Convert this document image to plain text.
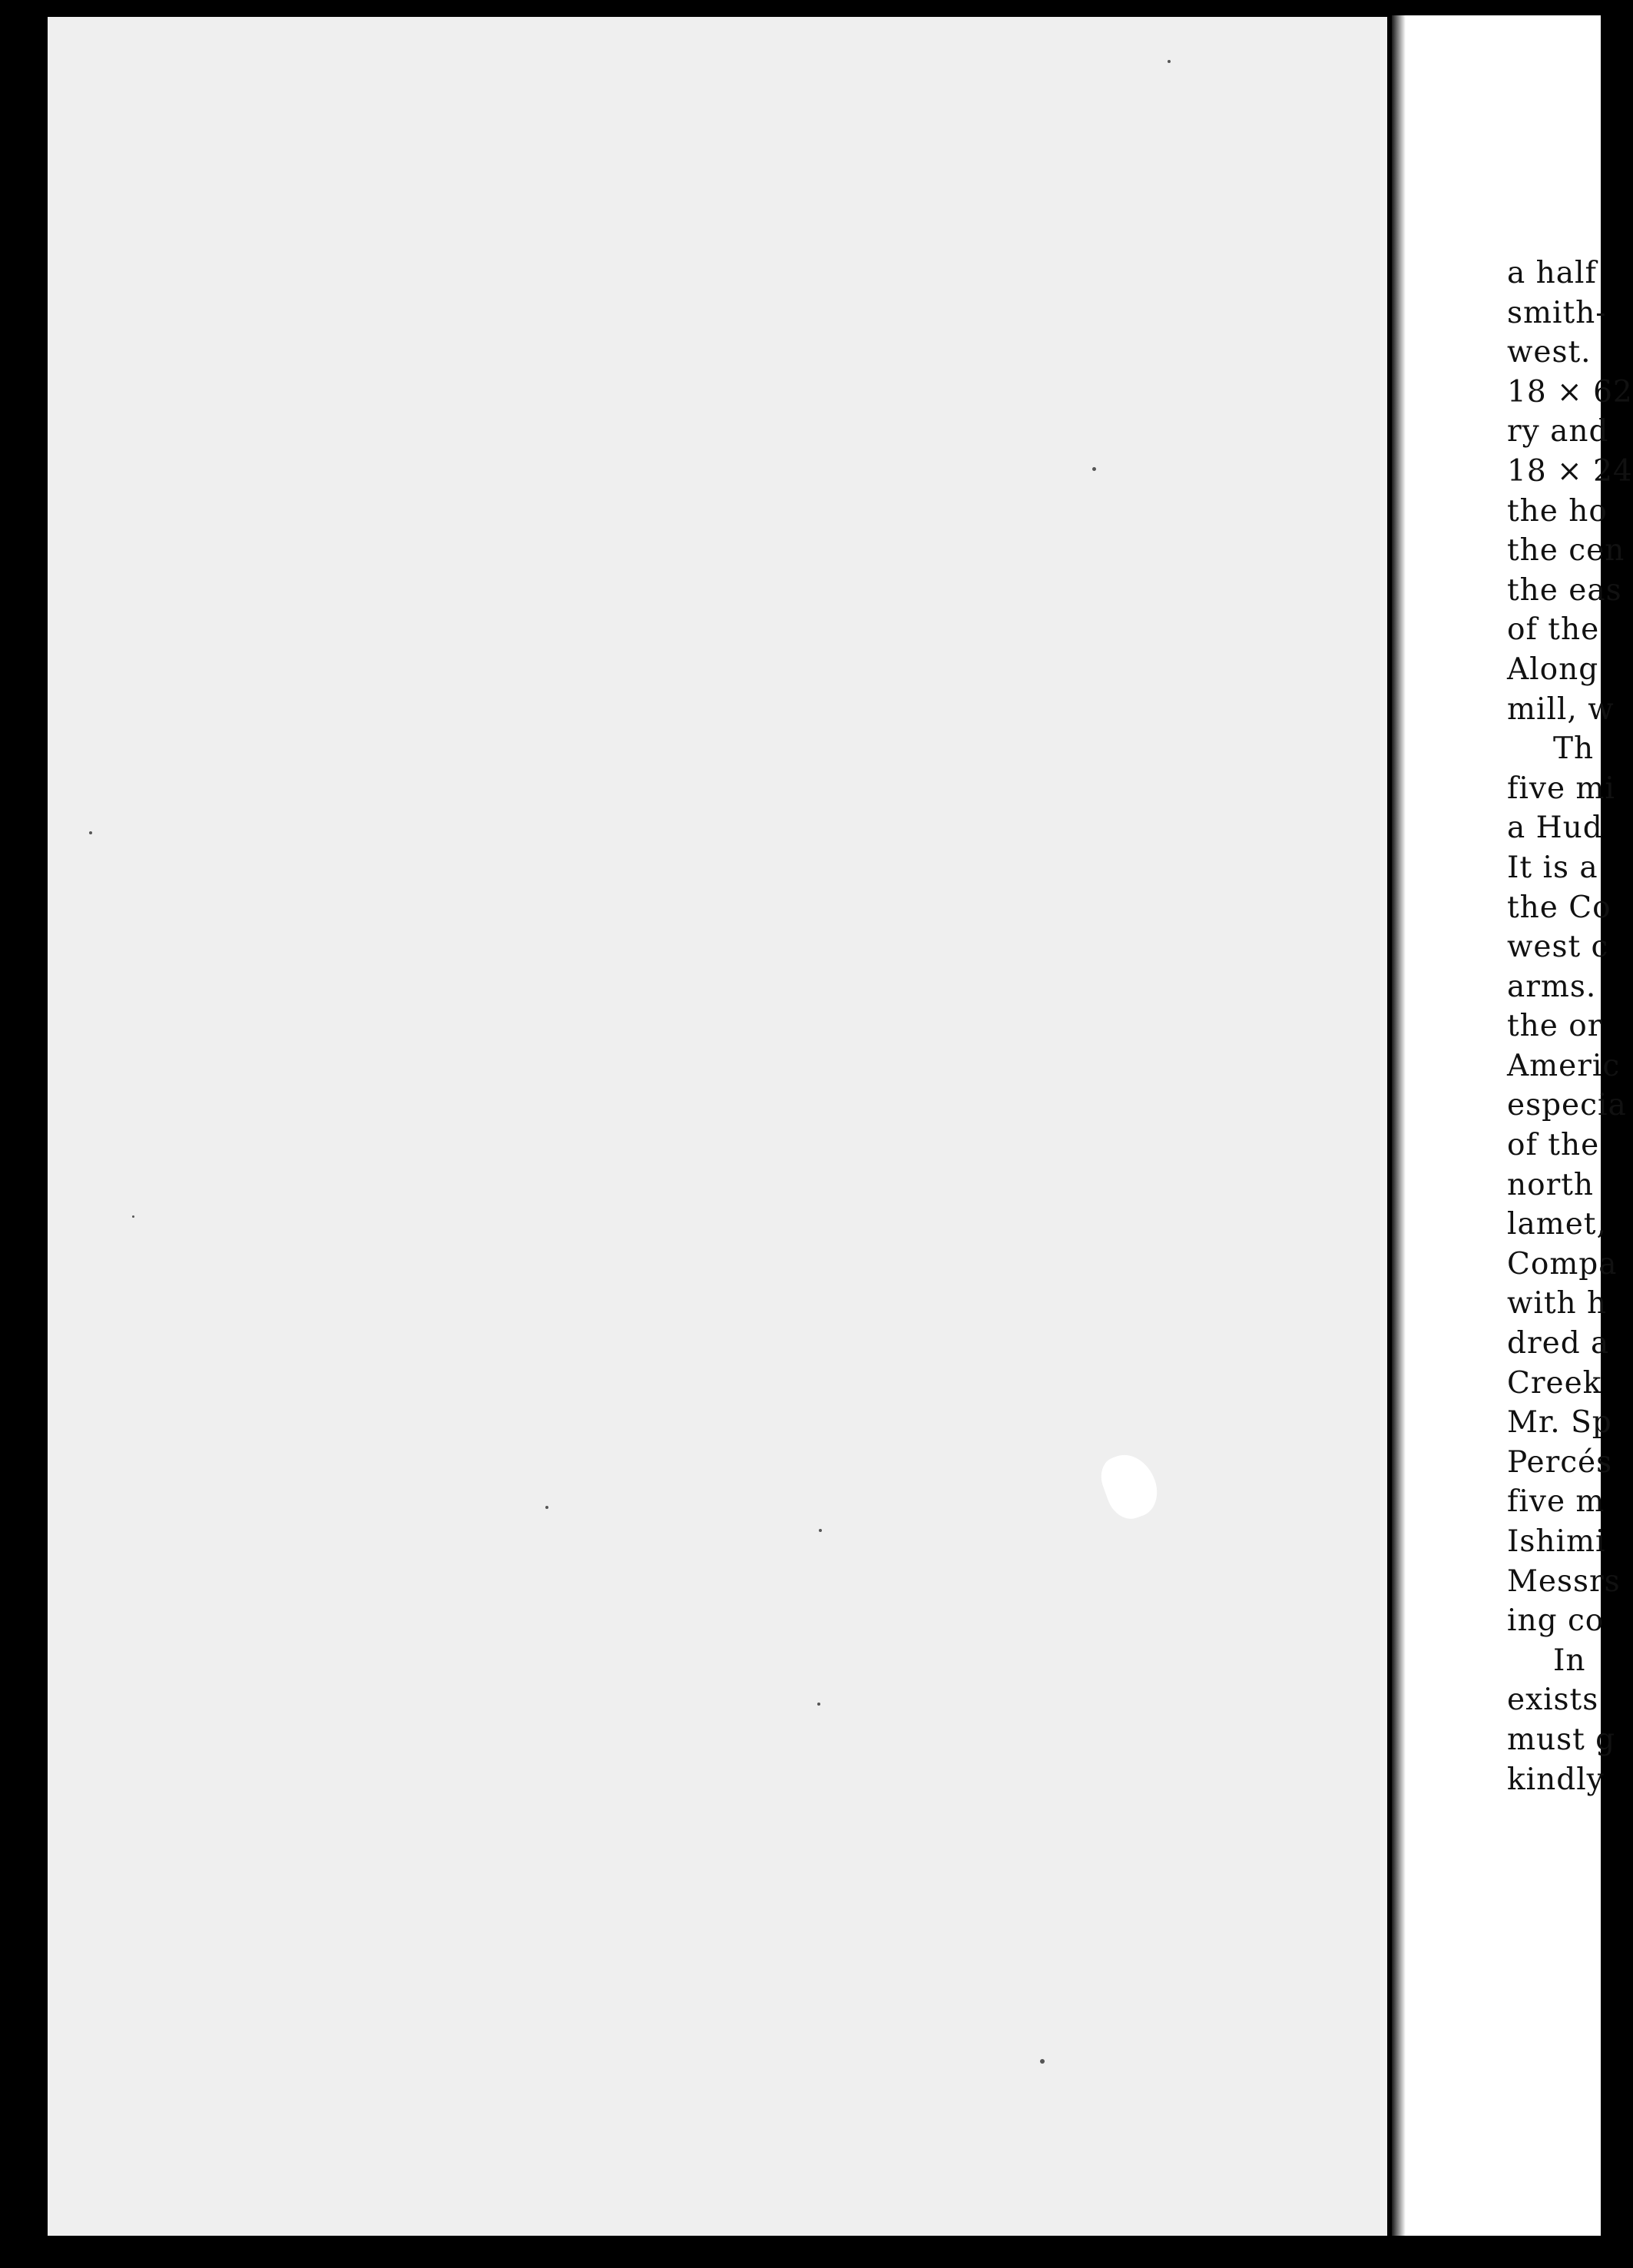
a half
smith-
west.
18 × 62
ry and
18 × 24
the ho
the cen
the eas
of the
Along
mill, w
Th
five mi
a Hud
It is a
the Co
west c
arms.
the or
Americ
especia
of the
north
lamet,
Compa
with h
dred a
Creek
Mr. Sp
Percés
five m
Ishimi
Messrs
ing co
In
exists
must g
kindly
